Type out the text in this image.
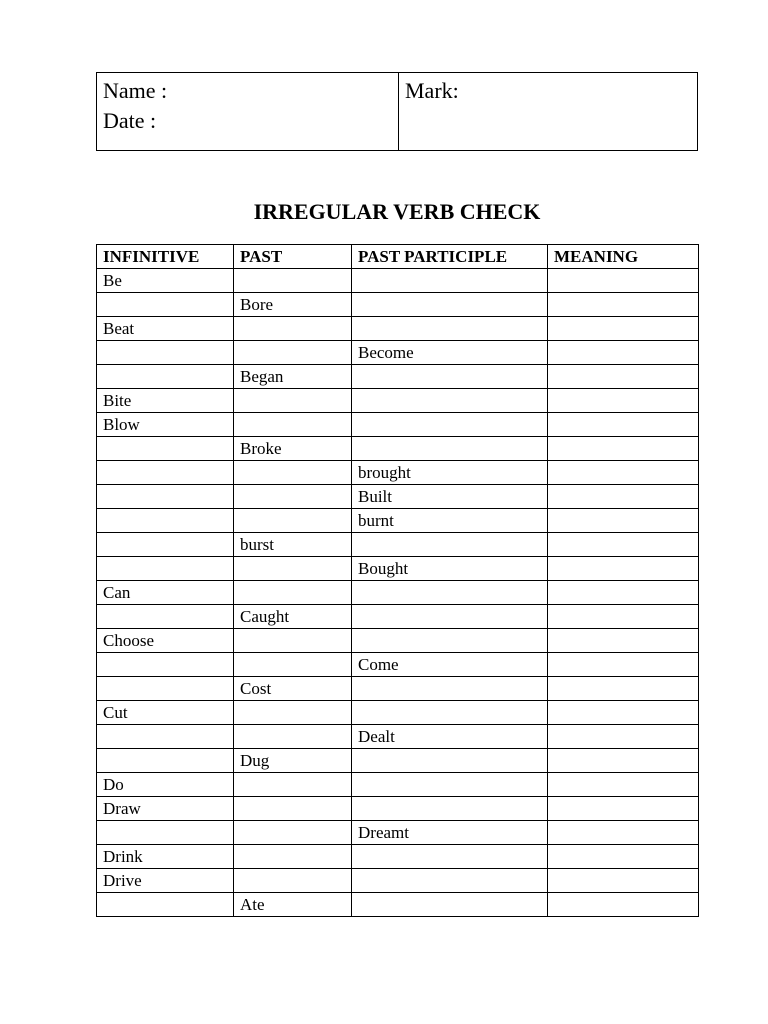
Name :
Date :

Mark:
IRREGULAR VERB CHECK
INFINITIVE	PAST	PAST PARTICIPLE	MEANING
Be			
	Bore		
Beat			
		Become	
	Began		
Bite			
Blow			
	Broke		
		brought	
		Built	
		burnt	
	burst		
		Bought	
Can			
	Caught		
Choose			
		Come	
	Cost		
Cut			
		Dealt	
	Dug		
Do			
Draw			
		Dreamt	
Drink			
Drive			
	Ate		
